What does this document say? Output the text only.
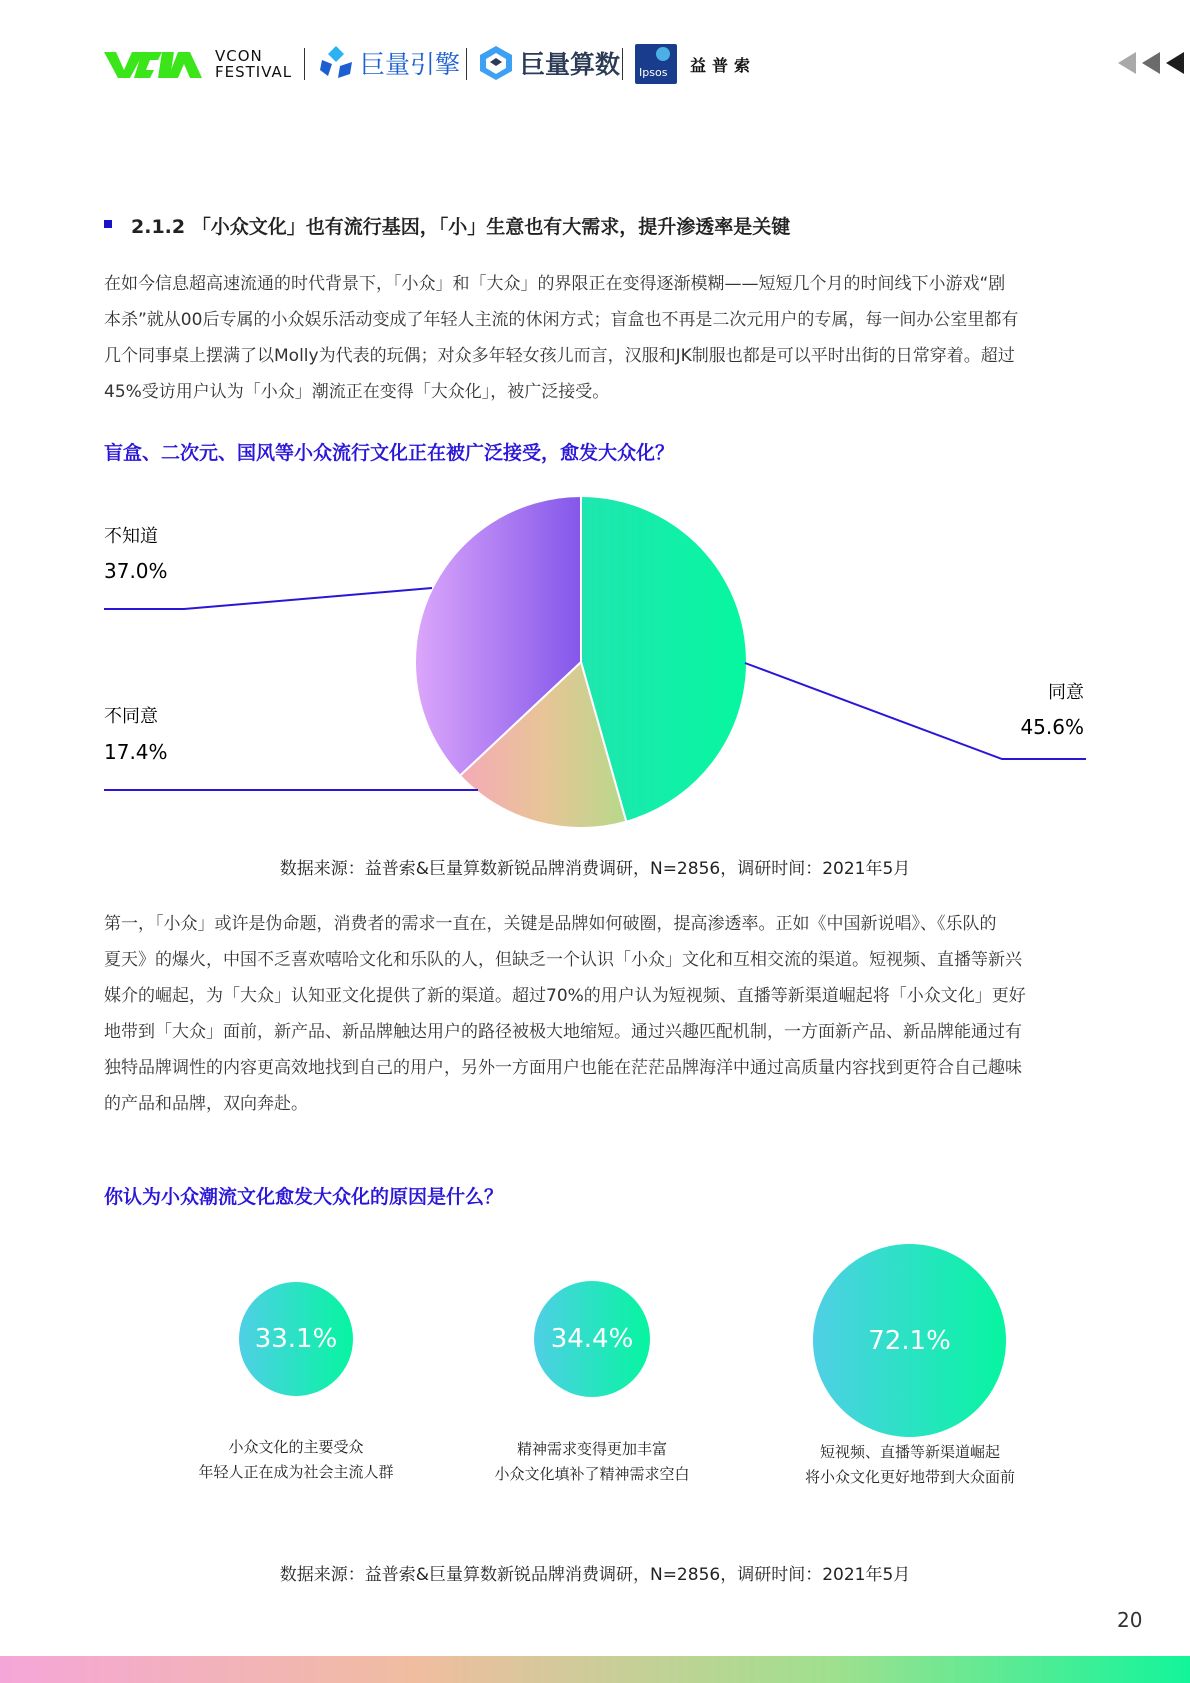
VCON
FESTIVAL	巨量引擎 巨量算数 Ipsos 益普索
2.1.2 「小众文化」也有流行基因，「小」生意也有大需求，提升渗透率是关键
在如今信息超高速流通的时代背景下，「小众」和「大众」的界限正在变得逐渐模糊——短短几个月的时间线下小游戏“剧
本杀”就从00后专属的小众娱乐活动变成了年轻人主流的休闲方式；盲盒也不再是二次元用户的专属，每一间办公室里都有
几个同事桌上摆满了以Molly为代表的玩偶；对众多年轻女孩儿而言，汉服和JK制服也都是可以平时出街的日常穿着。超过
45%受访用户认为「小众」潮流正在变得「大众化」，被广泛接受。
盲盒、二次元、国风等小众流行文化正在被广泛接受，愈发大众化？
不知道
37.0%
不同意
17.4%
同意
45.6%
数据来源：益普索&巨量算数新锐品牌消费调研，N=2856，调研时间：2021年5月
第一，「小众」或许是伪命题，消费者的需求一直在，关键是品牌如何破圈，提高渗透率。正如《中国新说唱》、《乐队的
夏天》的爆火，中国不乏喜欢嘻哈文化和乐队的人，但缺乏一个认识「小众」文化和互相交流的渠道。短视频、直播等新兴
媒介的崛起，为「大众」认知亚文化提供了新的渠道。超过70%的用户认为短视频、直播等新渠道崛起将「小众文化」更好
地带到「大众」面前，新产品、新品牌触达用户的路径被极大地缩短。通过兴趣匹配机制，一方面新产品、新品牌能通过有
独特品牌调性的内容更高效地找到自己的用户，另外一方面用户也能在茫茫品牌海洋中通过高质量内容找到更符合自己趣味
的产品和品牌，双向奔赴。
你认为小众潮流文化愈发大众化的原因是什么？
33.1%	34.4%	72.1%
小众文化的主要受众
年轻人正在成为社会主流人群
精神需求变得更加丰富
小众文化填补了精神需求空白
短视频、直播等新渠道崛起
将小众文化更好地带到大众面前
数据来源：益普索&巨量算数新锐品牌消费调研，N=2856，调研时间：2021年5月
20
